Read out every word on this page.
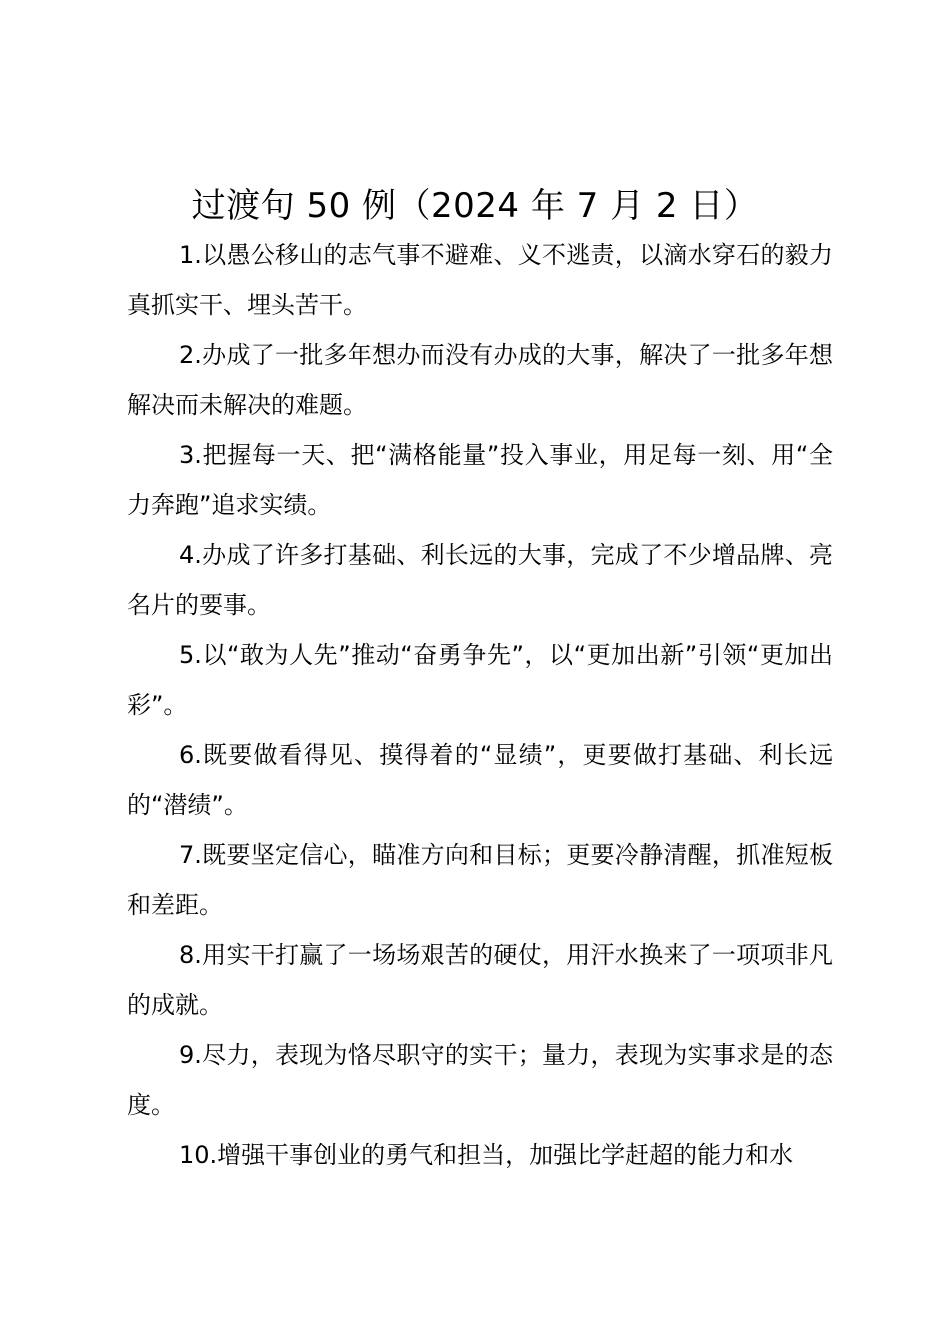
过渡句 50 例（2024 年 7 月 2 日）

1.以愚公移山的志气事不避难、义不逃责，以滴水穿石的毅力真抓实干、埋头苦干。

2.办成了一批多年想办而没有办成的大事，解决了一批多年想解决而未解决的难题。

3.把握每一天、把“满格能量”投入事业，用足每一刻、用“全力奔跑”追求实绩。

4.办成了许多打基础、利长远的大事，完成了不少增品牌、亮名片的要事。

5.以“敢为人先”推动“奋勇争先”，以“更加出新”引领“更加出彩”。

6.既要做看得见、摸得着的“显绩”，更要做打基础、利长远的“潜绩”。

7.既要坚定信心，瞄准方向和目标；更要冷静清醒，抓准短板和差距。

8.用实干打赢了一场场艰苦的硬仗，用汗水换来了一项项非凡的成就。

9.尽力，表现为恪尽职守的实干；量力，表现为实事求是的态度。

10.增强干事创业的勇气和担当，加强比学赶超的能力和水
